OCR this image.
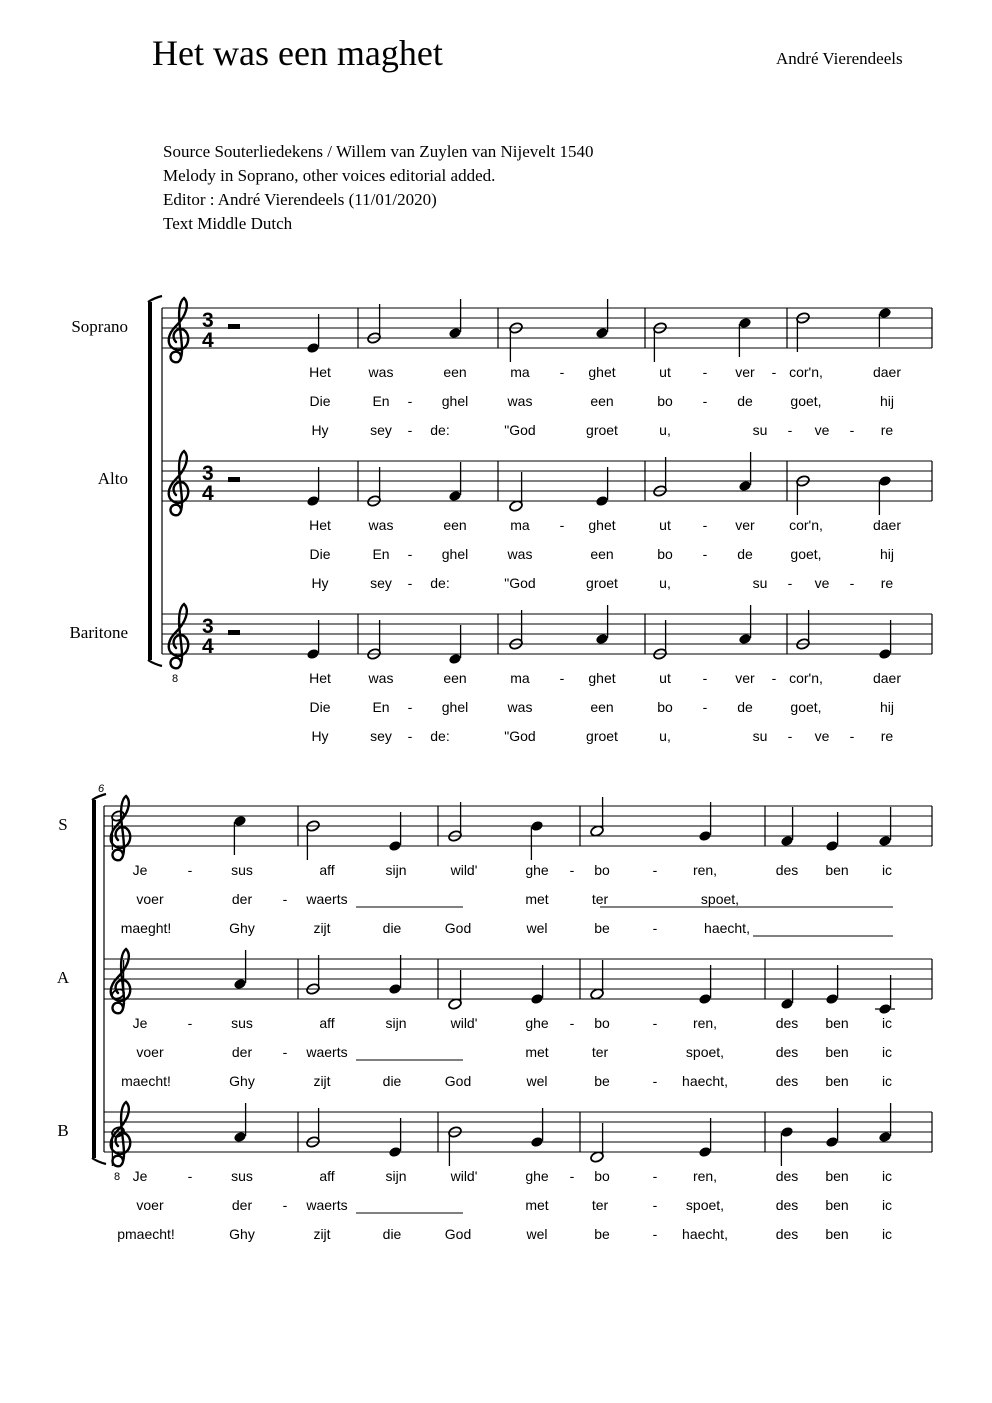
Het was een maghet	André Vierendeels
Source Souterliedekens / Willem van Zuylen van Nijevelt 1540
Melody in Soprano, other voices editorial added.
Editor : André Vierendeels (11/01/2020)
Text Middle Dutch
Soprano
Alto
Baritone
S
A
B
3
4
Het	was	een	ma - ghet	ut - ver - cor'n,	daer
Die	En - ghel	was	een	bo - de	goet,	hij
Hy	sey - de:	"God	groet	u,	su - ve - re
3
4
Het	was	een	ma - ghet	ut - ver cor'n,	daer
Die	En - ghel	was	een	bo - de	goet,	hij
Hy	sey - de:	"God	groet	u,	su - ve - re
8
3
4
Het	was	een	ma - ghet	ut - ver - cor'n,	daer
Die	En - ghel	was	een	bo - de	goet,	hij
Hy	sey - de:	"God	groet	u,	su - ve - re
6
Je	-	sus	aff	sijn	wild'	ghe - bo	-	ren,	des ben ic
voer	der - waerts	met	ter	spoet,
maeght!	Ghy	zijt	die	God	wel	be	-	haecht,
Je	-	sus	aff	sijn	wild'	ghe - bo	-	ren,	des ben ic
voer	der - waerts	met	ter	spoet,	des ben ic
maecht!	Ghy	zijt	die	God	wel	be	- haecht,	des ben ic
8 Je	-	sus	aff	sijn	wild'	ghe - bo	-	ren,	des ben ic
voer	der - waerts	met	ter	- spoet,	des ben ic
pmaecht!	Ghy	zijt	die	God	wel	be	- haecht,	des ben ic
